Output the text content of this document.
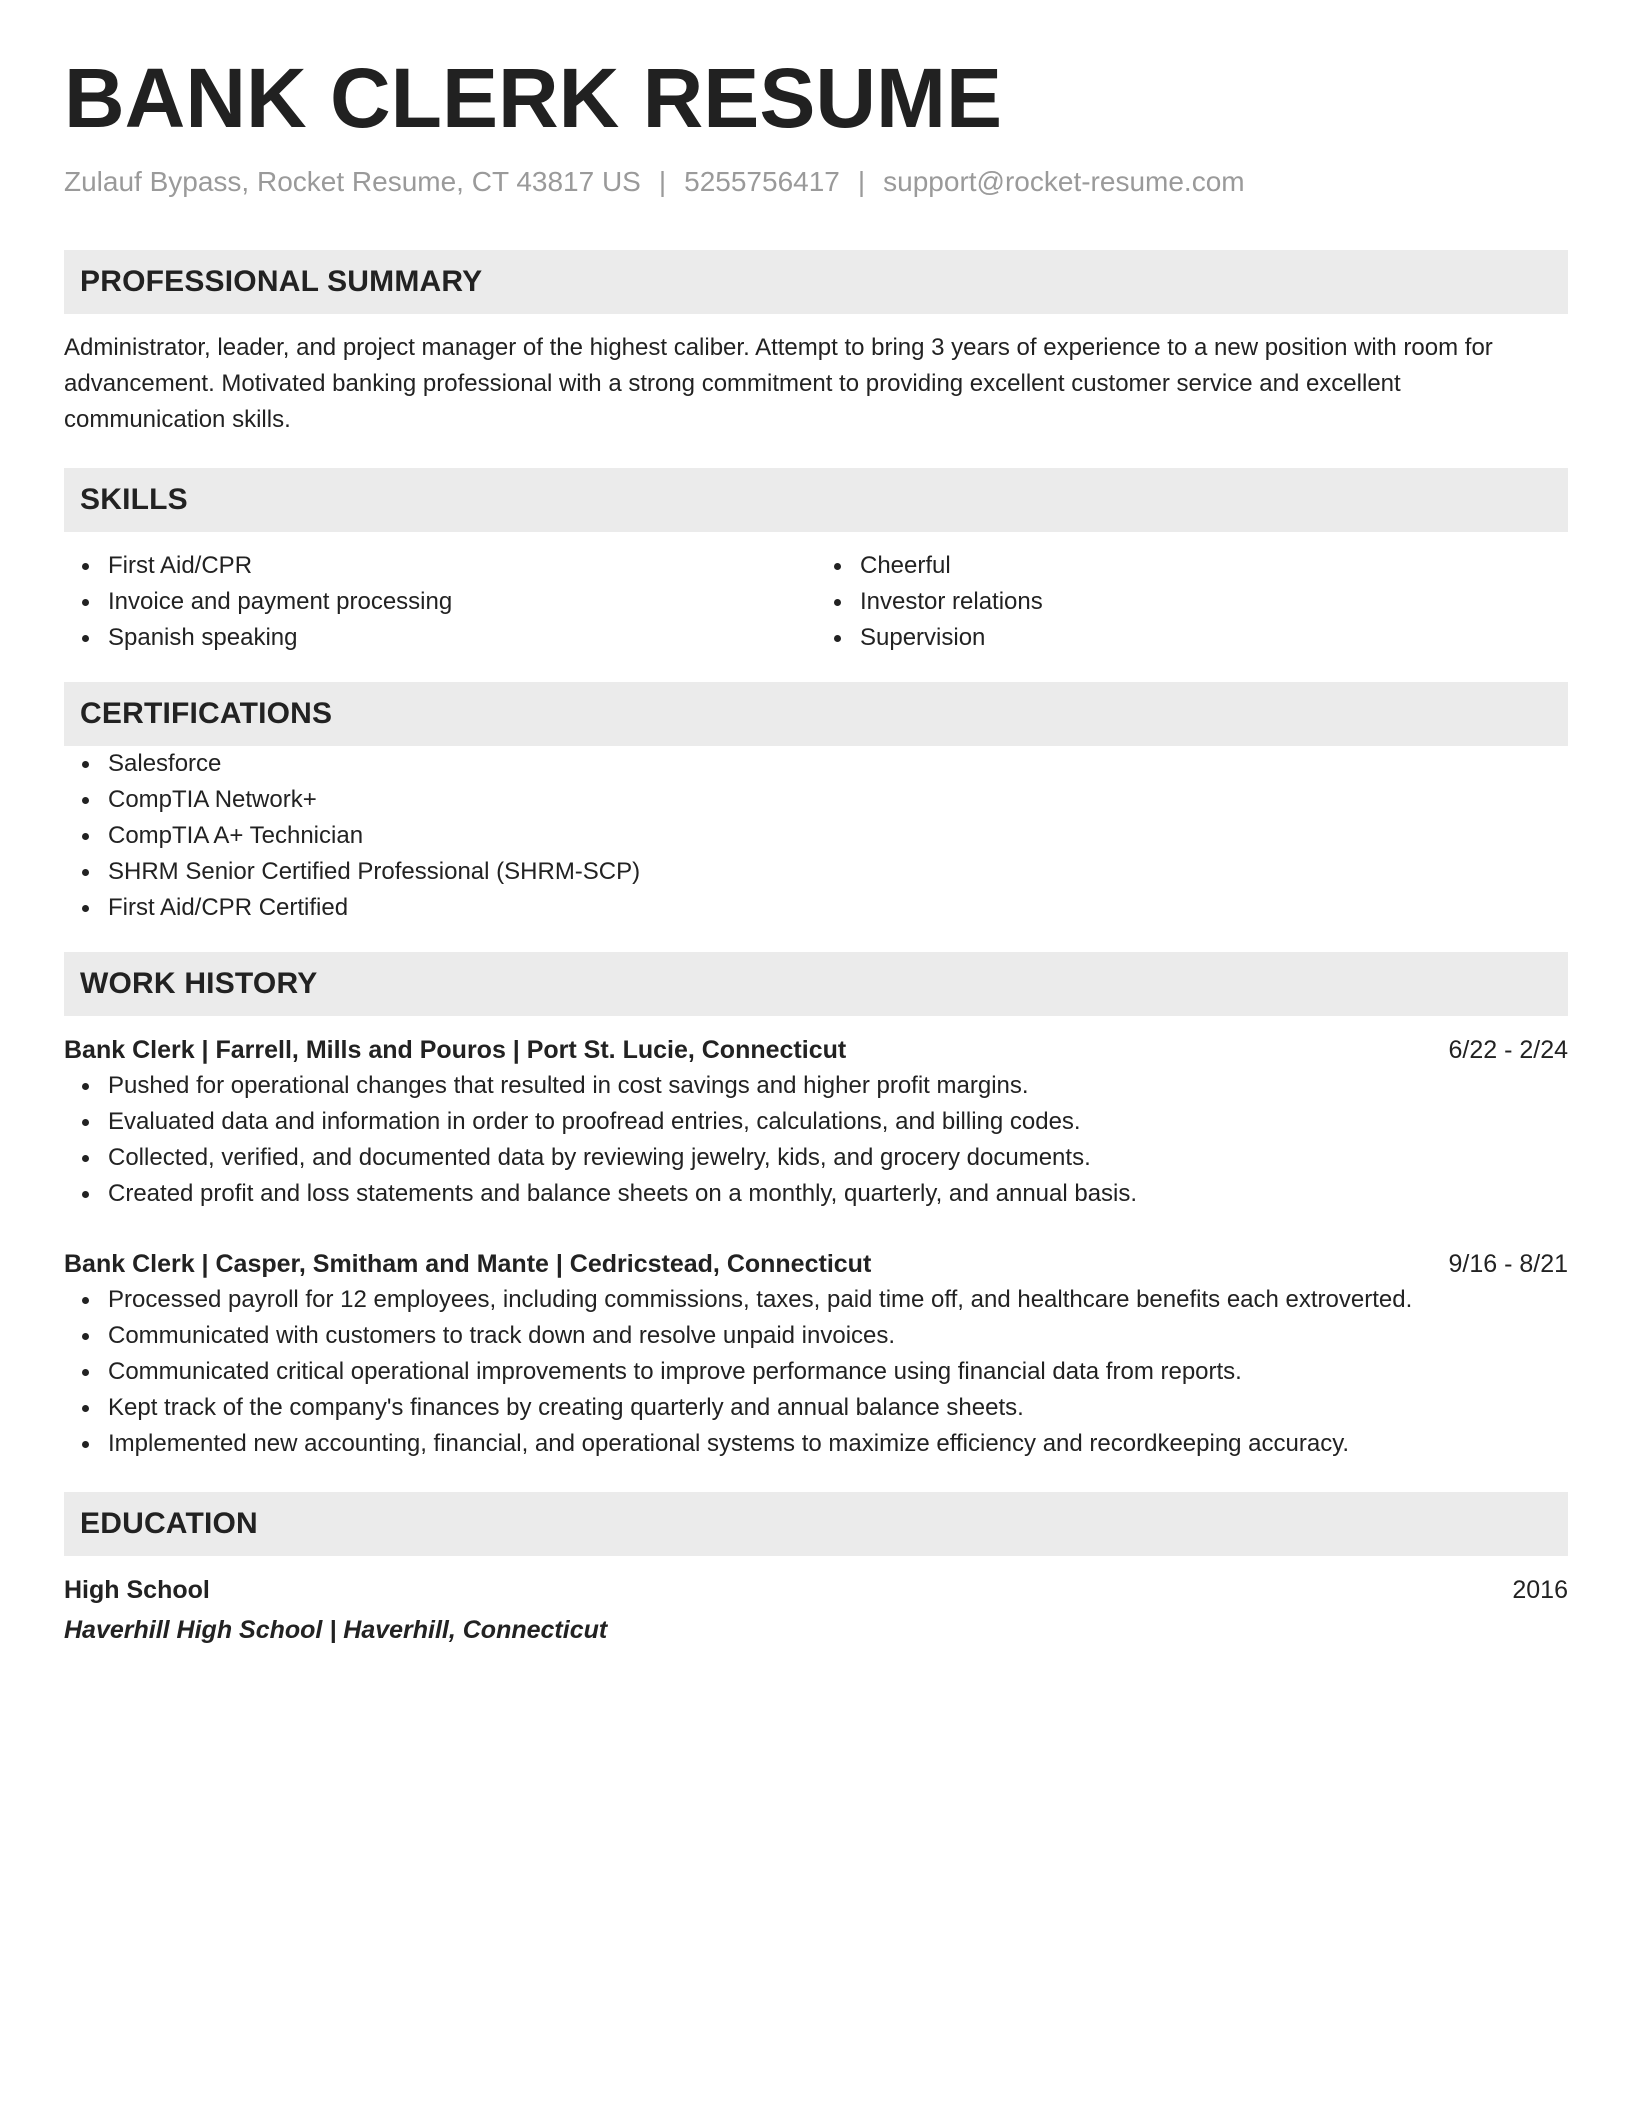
BANK CLERK RESUME
Zulauf Bypass, Rocket Resume, CT 43817 US | 5255756417 | support@rocket-resume.com
PROFESSIONAL SUMMARY

Administrator, leader, and project manager of the highest caliber. Attempt to bring 3 years of experience to a new position with room for advancement. Motivated banking professional with a strong commitment to providing excellent customer service and excellent communication skills.

SKILLS
First Aid/CPR
Invoice and payment processing
Spanish speaking
Cheerful
Investor relations
Supervision
CERTIFICATIONS
Salesforce
CompTIA Network+
CompTIA A+ Technician
SHRM Senior Certified Professional (SHRM-SCP)
First Aid/CPR Certified
WORK HISTORY
Bank Clerk | Farrell, Mills and Pouros | Port St. Lucie, Connecticut	6/22 - 2/24
Pushed for operational changes that resulted in cost savings and higher profit margins.
Evaluated data and information in order to proofread entries, calculations, and billing codes.
Collected, verified, and documented data by reviewing jewelry, kids, and grocery documents.
Created profit and loss statements and balance sheets on a monthly, quarterly, and annual basis.
Bank Clerk | Casper, Smitham and Mante | Cedricstead, Connecticut	9/16 - 8/21
Processed payroll for 12 employees, including commissions, taxes, paid time off, and healthcare benefits each extroverted.
Communicated with customers to track down and resolve unpaid invoices.
Communicated critical operational improvements to improve performance using financial data from reports.
Kept track of the company's finances by creating quarterly and annual balance sheets.
Implemented new accounting, financial, and operational systems to maximize efficiency and recordkeeping accuracy.
EDUCATION
High School	2016
Haverhill High School | Haverhill, Connecticut
